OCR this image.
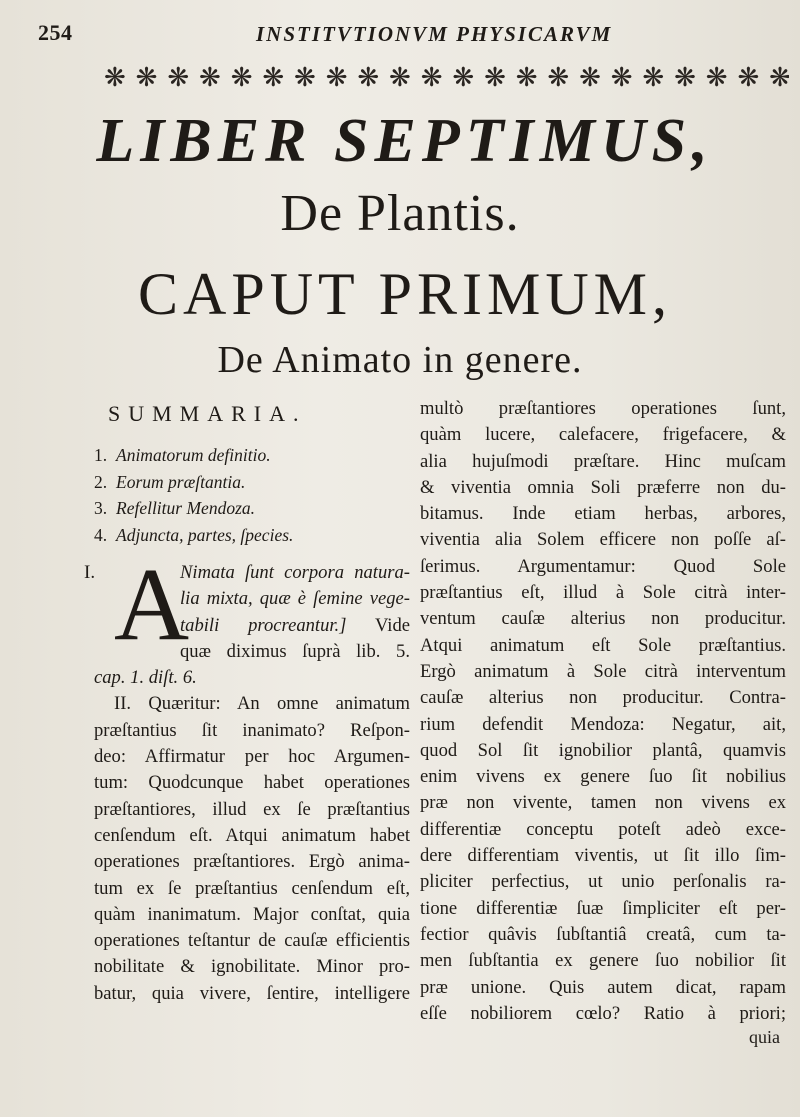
254	INSTITVTIONVM PHYSICARVM
❋ ❋ ❋ ❋ ❋ ❋ ❋ ❋ ❋ ❋ ❋ ❋ ❋ ❋ ❋ ❋ ❋ ❋ ❋ ❋ ❋ ❋
LIBER SEPTIMUS,
De Plantis.
CAPUT PRIMUM,
De Animato in genere.
SUMMARIA.
1. Animatorum definitio.
2. Eorum præſtantia.
3. Refellitur Mendoza.
4. Adjuncta, partes, ſpecies.
I. A
Nimata ſunt corpora natura-
lia mixta, quæ è ſemine vege-
tabili procreantur.] Vide
quæ diximus ſuprà lib. 5.
cap. 1. diſt. 6.
II. Quæritur: An omne animatum
præſtantius ſit inanimato? Reſpon-
deo: Affirmatur per hoc Argumen-
tum: Quodcunque habet operationes
præſtantiores, illud ex ſe præſtantius
cenſendum eſt. Atqui animatum habet
operationes præſtantiores. Ergò anima-
tum ex ſe præſtantius cenſendum eſt,
quàm inanimatum. Major conſtat, quia
operationes teſtantur de cauſæ efficientis
nobilitate & ignobilitate. Minor pro-
batur, quia vivere, ſentire, intelligere
multò præſtantiores operationes ſunt,
quàm lucere, calefacere, frigefacere, &
alia hujuſmodi præſtare. Hinc muſcam
& viventia omnia Soli præferre non du-
bitamus. Inde etiam herbas, arbores,
viventia alia Solem efficere non poſſe aſ-
ſerimus. Argumentamur: Quod Sole
præſtantius eſt, illud à Sole citrà inter-
ventum cauſæ alterius non producitur.
Atqui animatum eſt Sole præſtantius.
Ergò animatum à Sole citrà interventum
cauſæ alterius non producitur. Contra-
rium defendit Mendoza: Negatur, ait,
quod Sol ſit ignobilior plantâ, quamvis
enim vivens ex genere ſuo ſit nobilius
præ non vivente, tamen non vivens ex
differentiæ conceptu poteſt adeò exce-
dere differentiam viventis, ut ſit illo ſim-
pliciter perfectius, ut unio perſonalis ra-
tione differentiæ ſuæ ſimpliciter eſt per-
fectior quâvis ſubſtantiâ creatâ, cum ta-
men ſubſtantia ex genere ſuo nobilior ſit
præ unione. Quis autem dicat, rapam
eſſe nobiliorem cœlo? Ratio à priori;
quia
